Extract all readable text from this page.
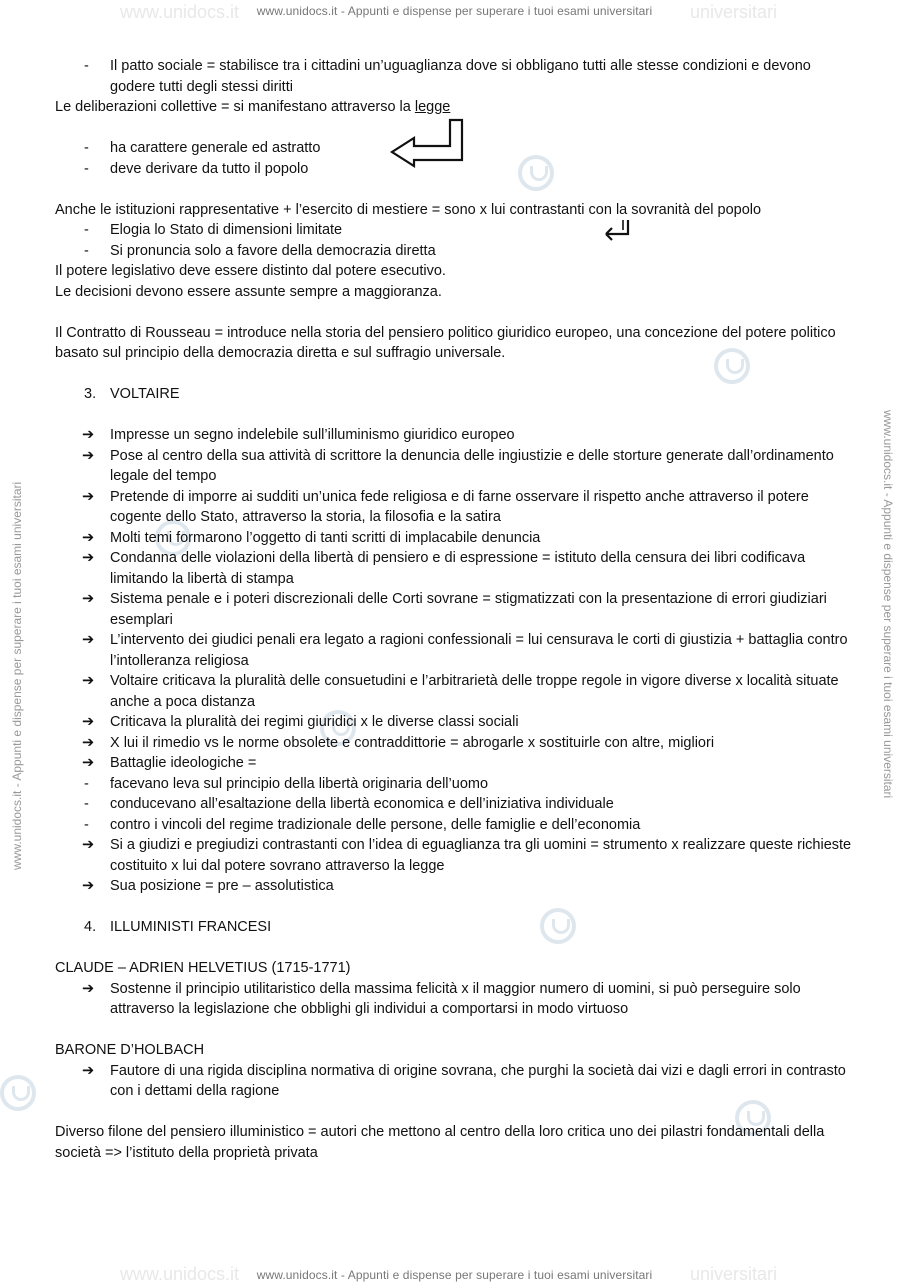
www.unidocs.it	universitari
www.unidocs.it - Appunti e dispense per superare i tuoi esami universitari
www.unidocs.it	universitari
www.unidocs.it - Appunti e dispense per superare i tuoi esami universitari
www.unidocs.it - Appunti e dispense per superare i tuoi esami universitari	www.unidocs.it - Appunti e dispense per superare i tuoi esami universitari
- Il patto sociale = stabilisce tra i cittadini un’uguaglianza dove si obbligano tutti alle stesse condizioni e devono godere tutti degli stessi diritti
Le deliberazioni collettive = si manifestano attraverso la legge
- ha carattere generale ed astratto
- deve derivare da tutto il popolo
Anche le istituzioni rappresentative + l’esercito di mestiere = sono x lui contrastanti con la sovranità del popolo
- Elogia lo Stato di dimensioni limitate
- Si pronuncia solo a favore della democrazia diretta
Il potere legislativo deve essere distinto dal potere esecutivo.
Le decisioni devono essere assunte sempre a maggioranza.
Il Contratto di Rousseau = introduce nella storia del pensiero politico giuridico europeo, una concezione del potere politico basato sul principio della democrazia diretta e sul suffragio universale.
3. VOLTAIRE
➔ Impresse un segno indelebile sull’illuminismo giuridico europeo
➔ Pose al centro della sua attività di scrittore la denuncia delle ingiustizie e delle storture generate dall’ordinamento legale del tempo
➔ Pretende di imporre ai sudditi un’unica fede religiosa e di farne osservare il rispetto anche attraverso il potere cogente dello Stato, attraverso la storia, la filosofia e la satira
➔ Molti temi formarono l’oggetto di tanti scritti di implacabile denuncia
➔ Condanna delle violazioni della libertà di pensiero e di espressione = istituto della censura dei libri codificava limitando la libertà di stampa
➔ Sistema penale e i poteri discrezionali delle Corti sovrane = stigmatizzati con la presentazione di errori giudiziari esemplari
➔ L’intervento dei giudici penali era legato a ragioni confessionali = lui censurava le corti di giustizia + battaglia contro l’intolleranza religiosa
➔ Voltaire criticava la pluralità delle consuetudini e l’arbitrarietà delle troppe regole in vigore diverse x località situate anche a poca distanza
➔ Criticava la pluralità dei regimi giuridici x le diverse classi sociali
➔ X lui il rimedio vs le norme obsolete e contraddittorie = abrogarle x sostituirle con altre, migliori
➔ Battaglie ideologiche =
- facevano leva sul principio della libertà originaria dell’uomo
- conducevano all’esaltazione della libertà economica e dell’iniziativa individuale
- contro i vincoli del regime tradizionale delle persone, delle famiglie e dell’economia
➔ Si a giudizi e pregiudizi contrastanti con l’idea di eguaglianza tra gli uomini = strumento x realizzare queste richieste costituito x lui dal potere sovrano attraverso la legge
➔ Sua posizione = pre – assolutistica
4. ILLUMINISTI FRANCESI
CLAUDE – ADRIEN HELVETIUS (1715-1771)
➔ Sostenne il principio utilitaristico della massima felicità x il maggior numero di uomini, si può perseguire solo attraverso la legislazione che obblighi gli individui a comportarsi in modo virtuoso
BARONE D’HOLBACH
➔ Fautore di una rigida disciplina normativa di origine sovrana, che purghi la società dai vizi e dagli errori in contrasto con i dettami della ragione
Diverso filone del pensiero illuministico = autori che mettono al centro della loro critica uno dei pilastri fondamentali della società => l’istituto della proprietà privata
